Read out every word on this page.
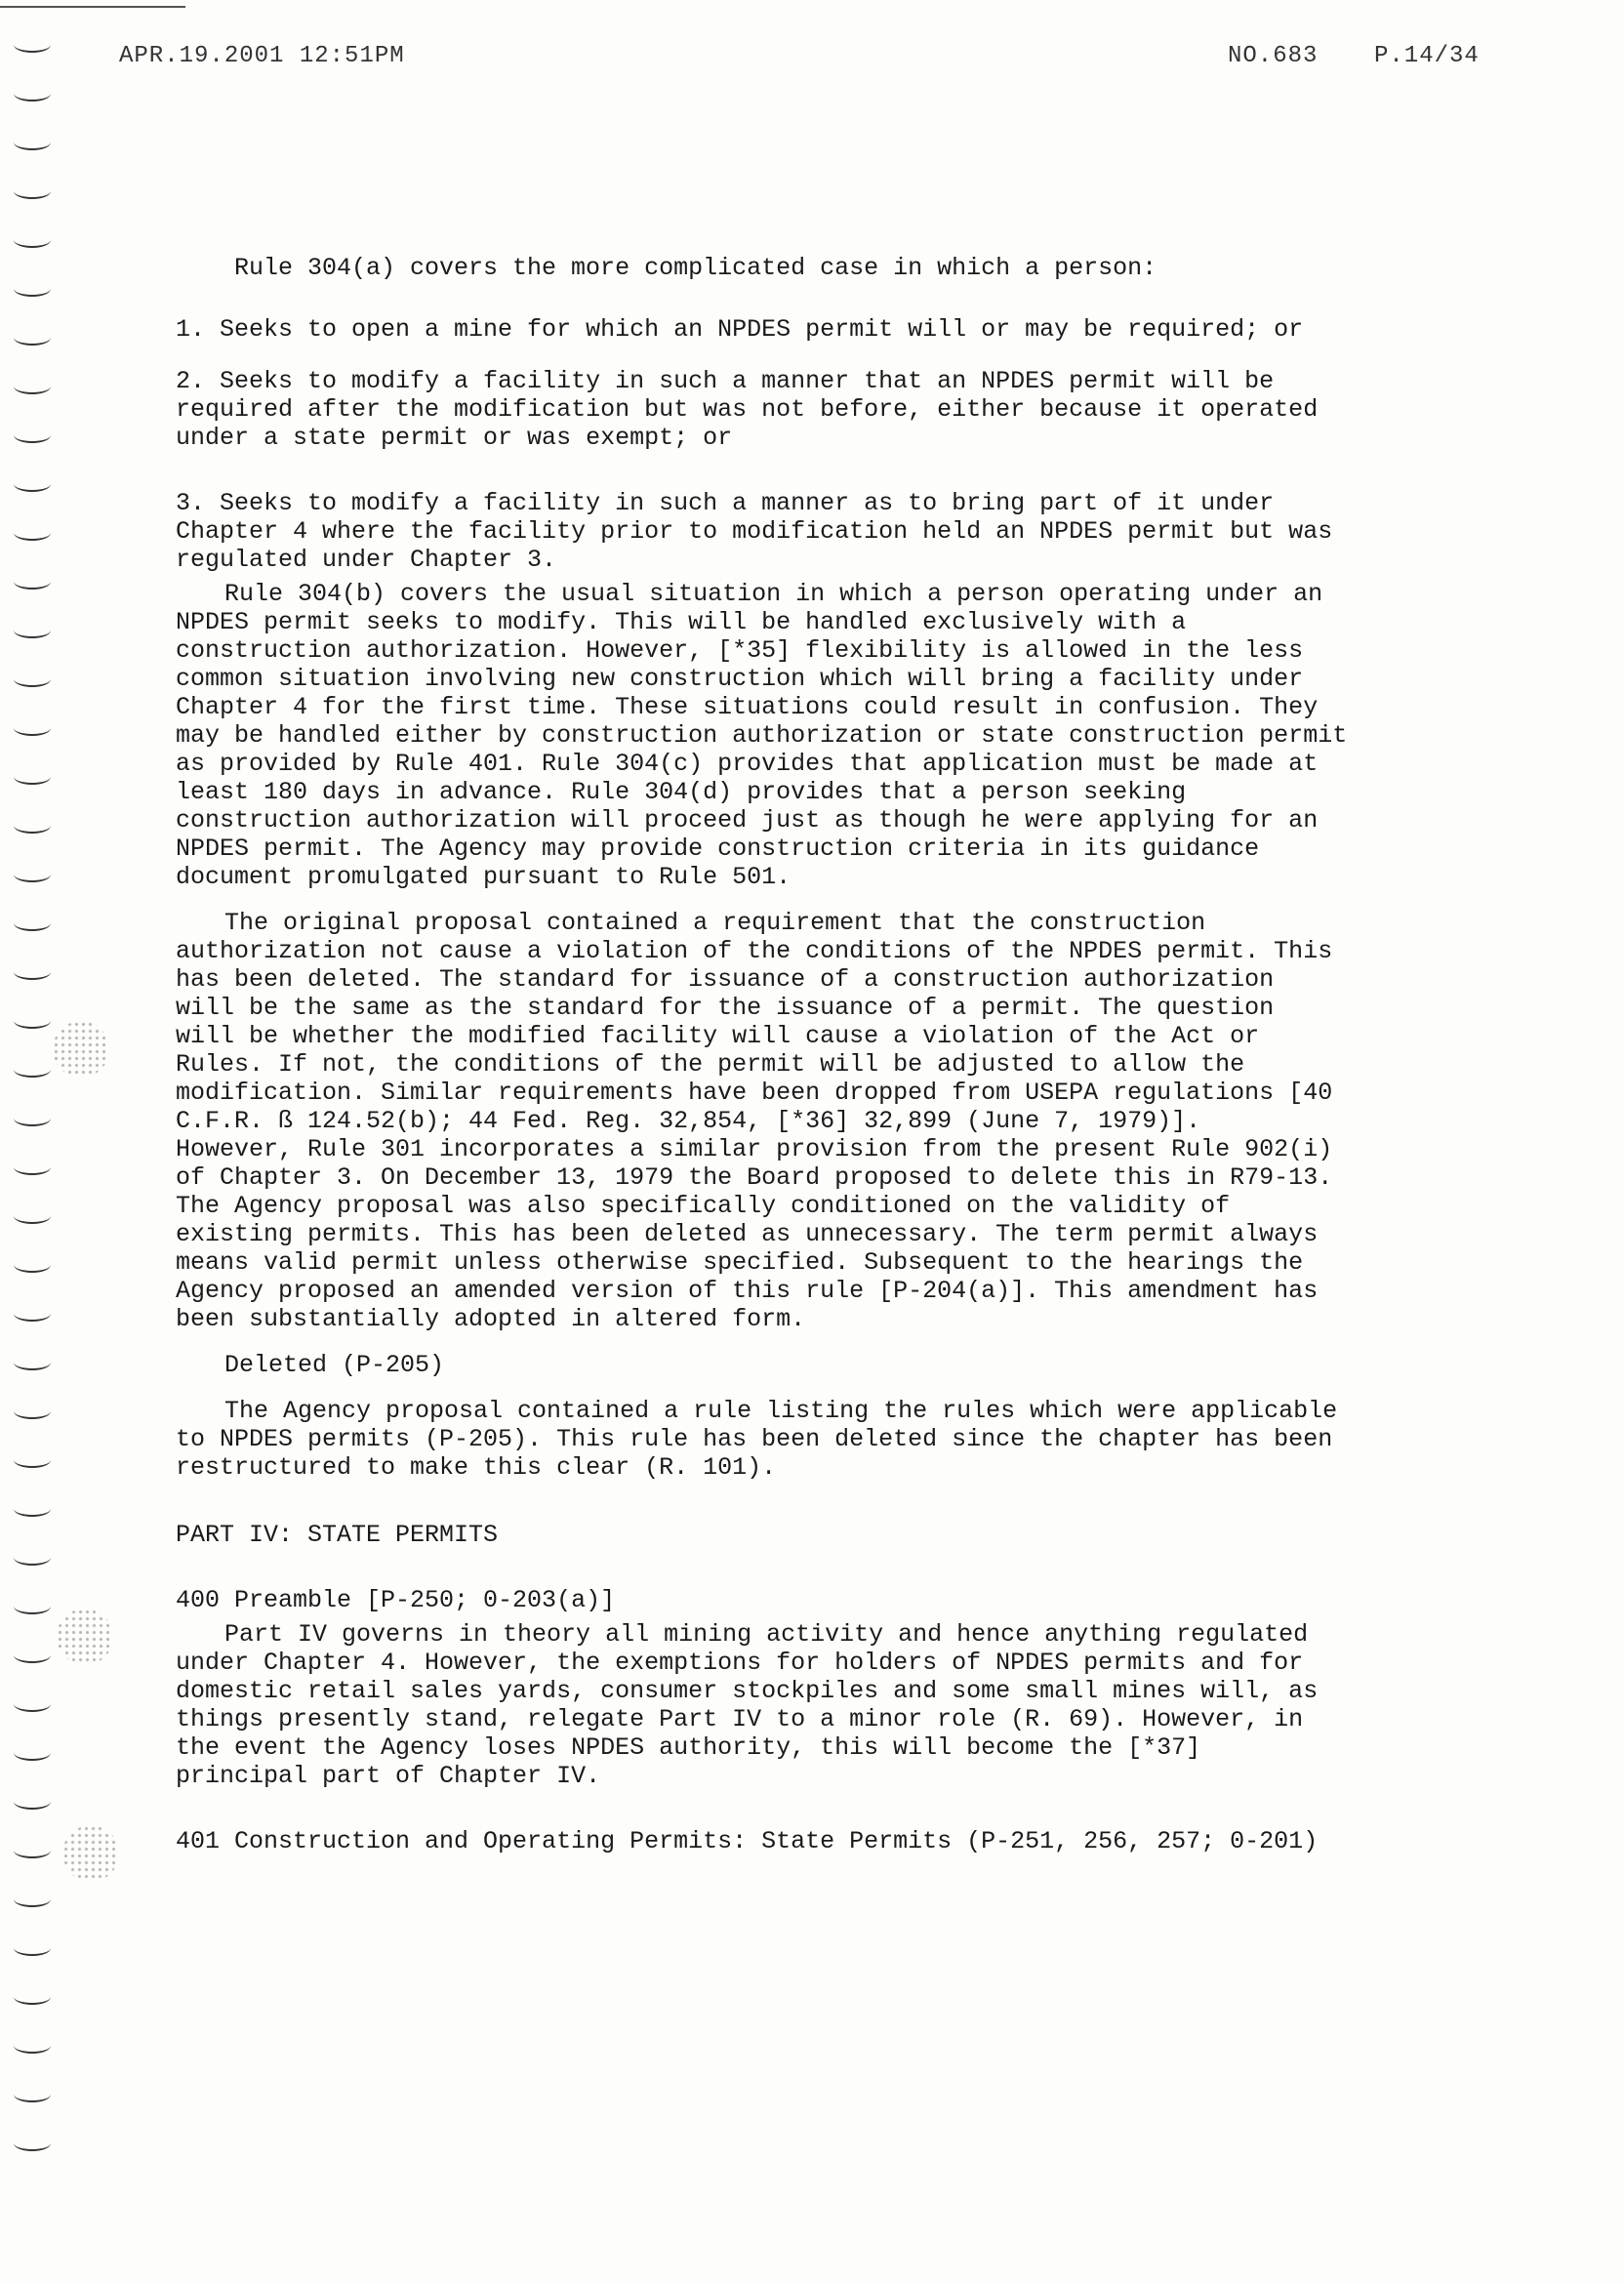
APR.19.2001 12:51PM	NO.683 P.14/34

Rule 304(a) covers the more complicated case in which a person:

1. Seeks to open a mine for which an NPDES permit will or may be required; or

2. Seeks to modify a facility in such a manner that an NPDES permit will be
required after the modification but was not before, either because it operated
under a state permit or was exempt; or

3. Seeks to modify a facility in such a manner as to bring part of it under
Chapter 4 where the facility prior to modification held an NPDES permit but was
regulated under Chapter 3.

Rule 304(b) covers the usual situation in which a person operating under an
NPDES permit seeks to modify. This will be handled exclusively with a
construction authorization. However, [*35] flexibility is allowed in the less
common situation involving new construction which will bring a facility under
Chapter 4 for the first time. These situations could result in confusion. They
may be handled either by construction authorization or state construction permit
as provided by Rule 401. Rule 304(c) provides that application must be made at
least 180 days in advance. Rule 304(d) provides that a person seeking
construction authorization will proceed just as though he were applying for an
NPDES permit. The Agency may provide construction criteria in its guidance
document promulgated pursuant to Rule 501.

The original proposal contained a requirement that the construction
authorization not cause a violation of the conditions of the NPDES permit. This
has been deleted. The standard for issuance of a construction authorization
will be the same as the standard for the issuance of a permit. The question
will be whether the modified facility will cause a violation of the Act or
Rules. If not, the conditions of the permit will be adjusted to allow the
modification. Similar requirements have been dropped from USEPA regulations [40
C.F.R. ß 124.52(b); 44 Fed. Reg. 32,854, [*36] 32,899 (June 7, 1979)].
However, Rule 301 incorporates a similar provision from the present Rule 902(i)
of Chapter 3. On December 13, 1979 the Board proposed to delete this in R79-13.
The Agency proposal was also specifically conditioned on the validity of
existing permits. This has been deleted as unnecessary. The term permit always
means valid permit unless otherwise specified. Subsequent to the hearings the
Agency proposed an amended version of this rule [P-204(a)]. This amendment has
been substantially adopted in altered form.

Deleted (P-205)

The Agency proposal contained a rule listing the rules which were applicable
to NPDES permits (P-205). This rule has been deleted since the chapter has been
restructured to make this clear (R. 101).

PART IV: STATE PERMITS

400 Preamble [P-250; 0-203(a)]

Part IV governs in theory all mining activity and hence anything regulated
under Chapter 4. However, the exemptions for holders of NPDES permits and for
domestic retail sales yards, consumer stockpiles and some small mines will, as
things presently stand, relegate Part IV to a minor role (R. 69). However, in
the event the Agency loses NPDES authority, this will become the [*37]
principal part of Chapter IV.

401 Construction and Operating Permits: State Permits (P-251, 256, 257; 0-201)
